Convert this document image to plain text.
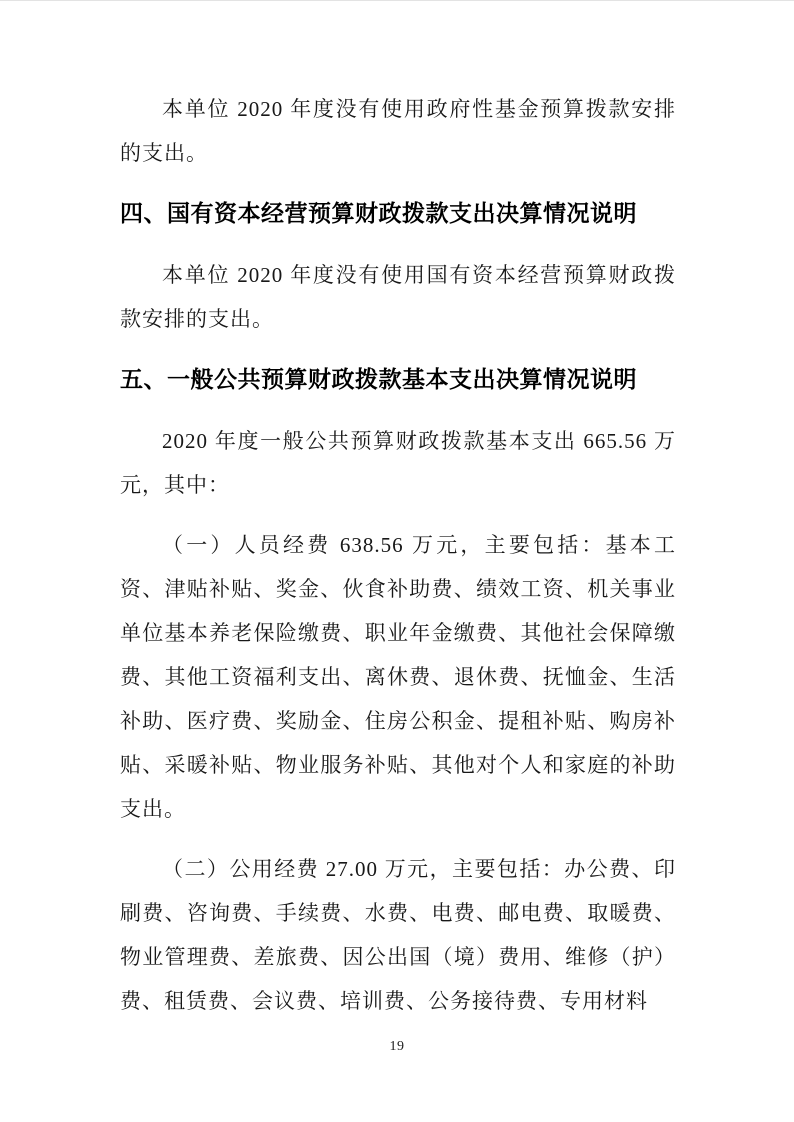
本单位 2020 年度没有使用政府性基金预算拨款安排的支出。

四、国有资本经营预算财政拨款支出决算情况说明

本单位 2020 年度没有使用国有资本经营预算财政拨款安排的支出。

五、一般公共预算财政拨款基本支出决算情况说明

2020 年度一般公共预算财政拨款基本支出 665.56 万元，其中：

（一）人员经费 638.56 万元，主要包括：基本工资、津贴补贴、奖金、伙食补助费、绩效工资、机关事业单位基本养老保险缴费、职业年金缴费、其他社会保障缴费、其他工资福利支出、离休费、退休费、抚恤金、生活补助、医疗费、奖励金、住房公积金、提租补贴、购房补贴、采暖补贴、物业服务补贴、其他对个人和家庭的补助支出。

（二）公用经费 27.00 万元，主要包括：办公费、印刷费、咨询费、手续费、水费、电费、邮电费、取暖费、物业管理费、差旅费、因公出国（境）费用、维修（护）费、租赁费、会议费、培训费、公务接待费、专用材料

19
